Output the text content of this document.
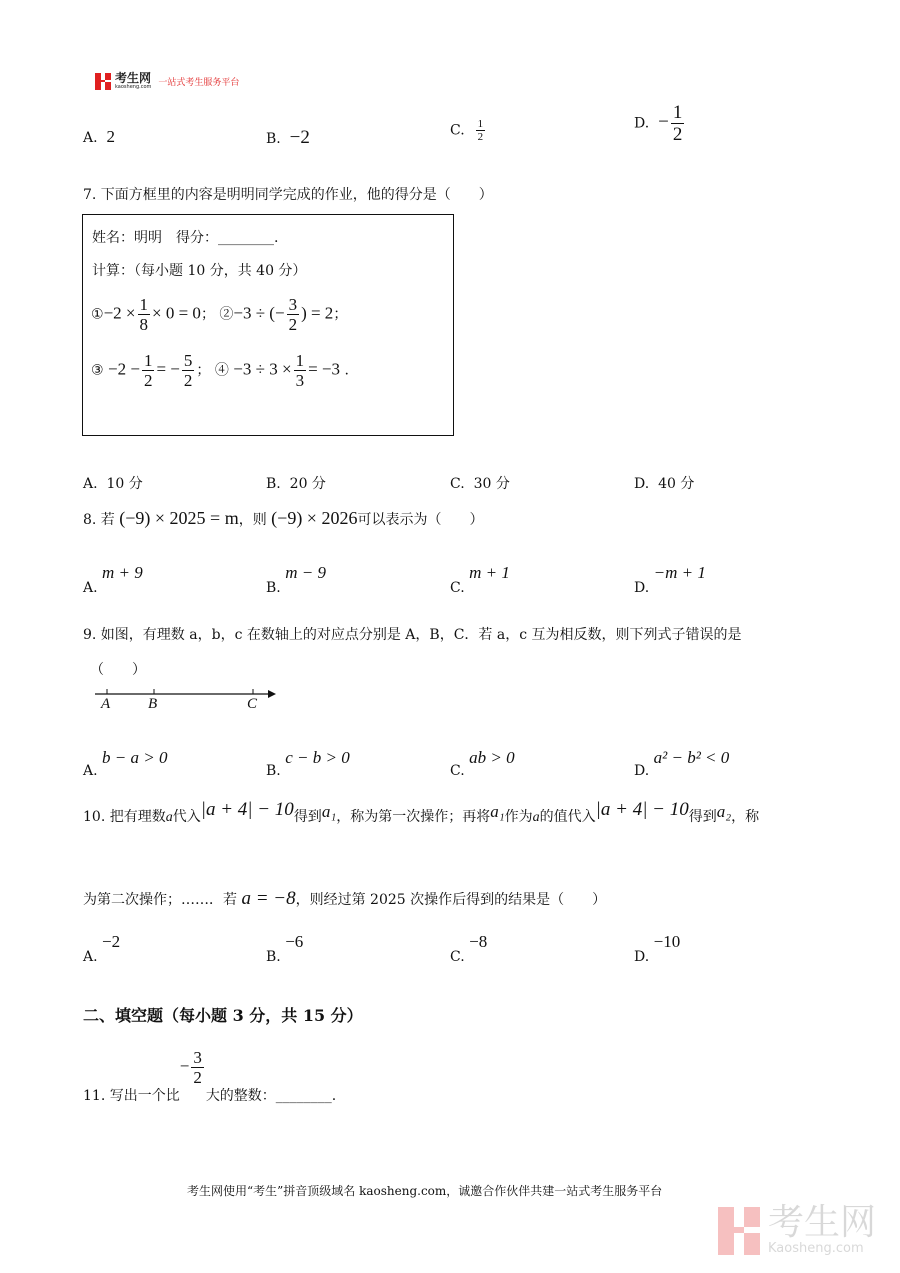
考生网
kaosheng.com 一站式考生服务平台
A. 2	B. −2	C. $\frac{1}{2}$	D. − $\frac{1}{2}$
7. 下面方框里的内容是明明同学完成的作业，他的得分是（　　）
姓名：明明　得分：________.
计算：（每小题 10 分，共 40 分）
①−2 × $\frac{1}{8} \times 0 = 0$； ②−3 ÷ (− $\frac{3}{2}$ ) = 2；
③ $-2 - \frac{1}{2}$ = − $\frac{5}{2}$ ； ④ $-3 \div 3 \times \frac{1}{3} = -3$ .
A. 10 分	B. 20 分	C. 30 分	D. 40 分
8. 若 (−9) × 2025 = m，则 (−9) × 2026可以表示为（　　）
A. m + 9
B. m − 9
C. m + 1
D. −m + 1
9. 如图，有理数 a，b，c 在数轴上的对应点分别是 A，B，C．若 a，c 互为相反数，则下列式子错误的是
（　　）
A	B	C
A. b − a > 0
B. c − b > 0
C. ab > 0
D. a² − b² < 0
10. 把有理数a代入|a + 4| − 10得到a₁，称为第一次操作；再将a₁作为a的值代入|a + 4| − 10得到a₂，称
为第二次操作；……．若 a = −8，则经过第 2025 次操作后得到的结果是（　　）
A. −2
B. −6
C. −8
D. −10
二、填空题（每小题 3 分，共 15 分）
11. 写出一个比− $\frac{3}{2}$
大的整数：________.
考生网使用“考生”拼音顶级域名 kaosheng.com，诚邀合作伙伴共建一站式考生服务平台
考生网
Kaosheng.com
